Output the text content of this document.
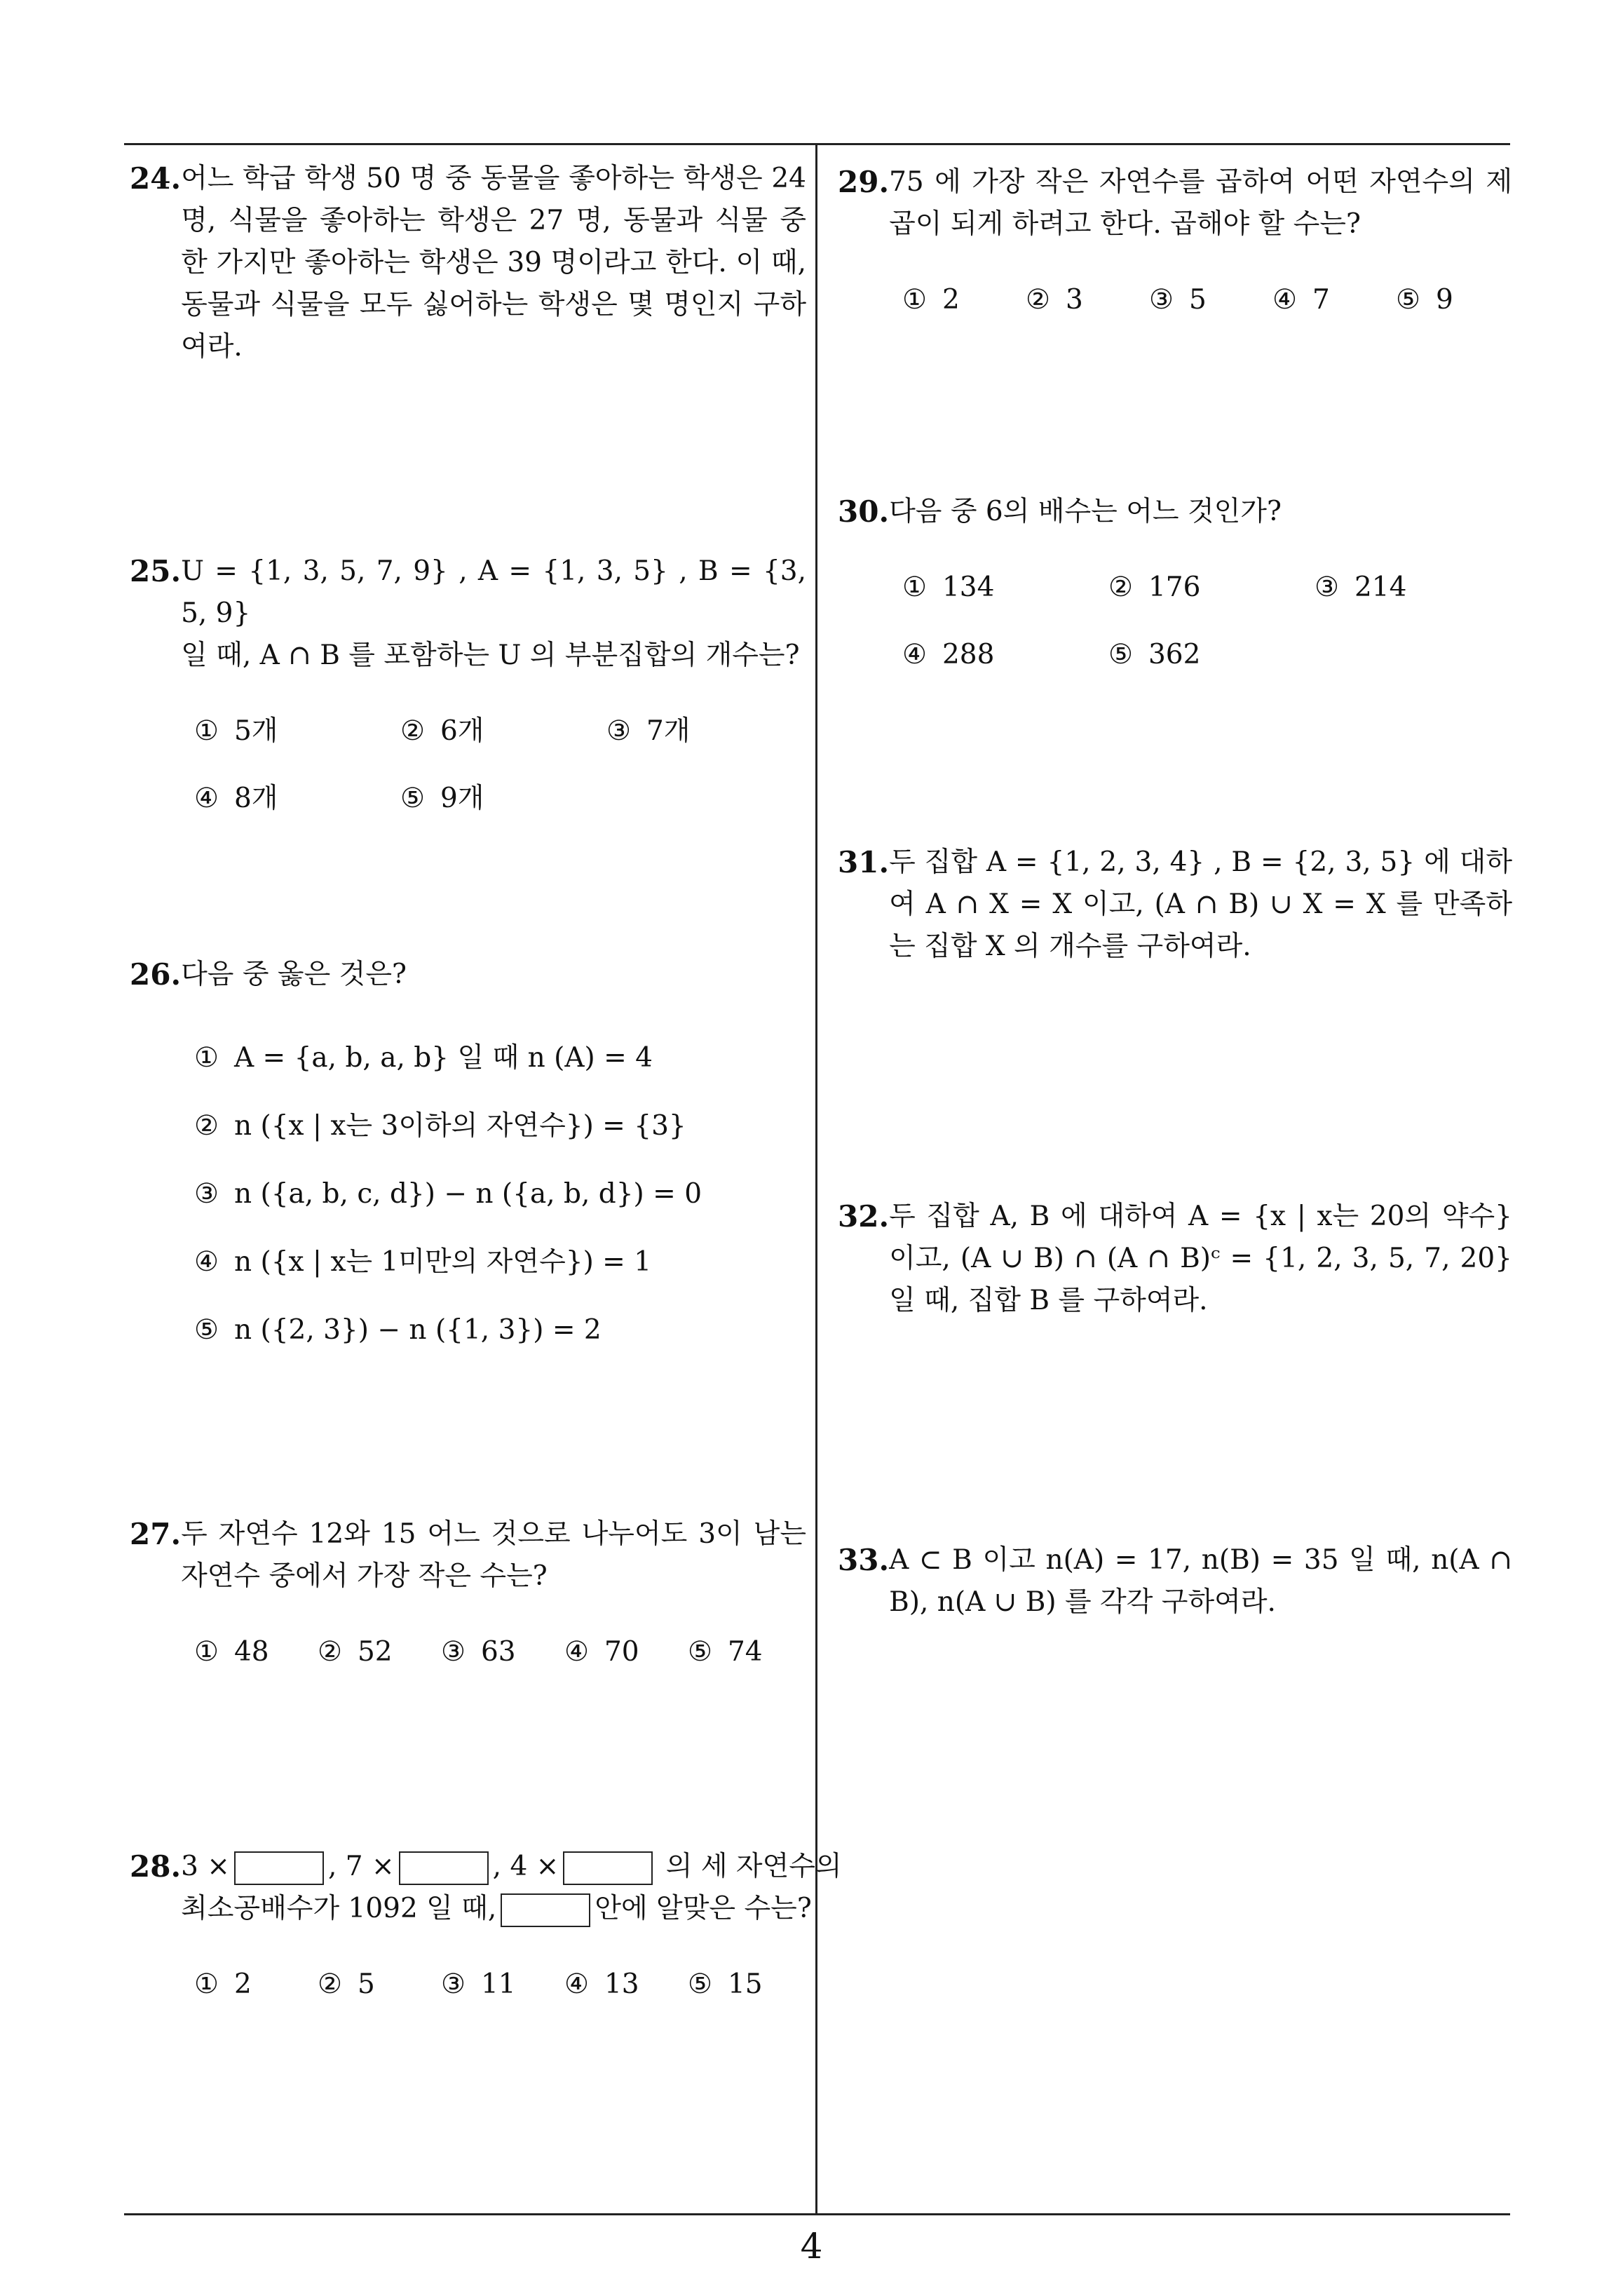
24. 어느 학급 학생 50 명 중 동물을 좋아하는 학생은 24 명, 식물을 좋아하는 학생은 27 명, 동물과 식물 중 한 가지만 좋아하는 학생은 39 명이라고 한다. 이 때, 동물과 식물을 모두 싫어하는 학생은 몇 명인지 구하여라.
25. U = {1, 3, 5, 7, 9} , A = {1, 3, 5} , B = {3, 5, 9}
일 때, A ∩ B 를 포함하는 U 의 부분집합의 개수는?
① 5개	② 6개	③ 7개
④ 8개	⑤ 9개
26. 다음 중 옳은 것은?
① A = {a, b, a, b} 일 때 n (A) = 4
② n ({x | x는 3이하의 자연수}) = {3}
③ n ({a, b, c, d}) − n ({a, b, d}) = 0
④ n ({x | x는 1미만의 자연수}) = 1
⑤ n ({2, 3}) − n ({1, 3}) = 2
27. 두 자연수 12와 15 어느 것으로 나누어도 3이 남는 자연수 중에서 가장 작은 수는?
① 48 ② 52 ③ 63 ④ 70 ⑤ 74
28. 3 ×	, 7 ×	, 4 ×	의 세 자연수의
최소공배수가 1092 일 때,	안에 알맞은 수는?
① 2 ② 5 ③ 11 ④ 13 ⑤ 15
29. 75 에 가장 작은 자연수를 곱하여 어떤 자연수의 제곱이 되게 하려고 한다. 곱해야 할 수는?
① 2 ② 3 ③ 5 ④ 7 ⑤ 9
30. 다음 중 6의 배수는 어느 것인가?
① 134	② 176	③ 214
④ 288	⑤ 362
31. 두 집합 A = {1, 2, 3, 4} , B = {2, 3, 5} 에 대하여 A ∩ X = X 이고, (A ∩ B) ∪ X = X 를 만족하는 집합 X 의 개수를 구하여라.
32. 두 집합 A, B 에 대하여 A = {x | x는 20의 약수} 이고, (A ∪ B) ∩ (A ∩ B)ᶜ = {1, 2, 3, 5, 7, 20} 일 때, 집합 B 를 구하여라.
33. A ⊂ B 이고 n(A) = 17, n(B) = 35 일 때, n(A ∩ B), n(A ∪ B) 를 각각 구하여라.
4
